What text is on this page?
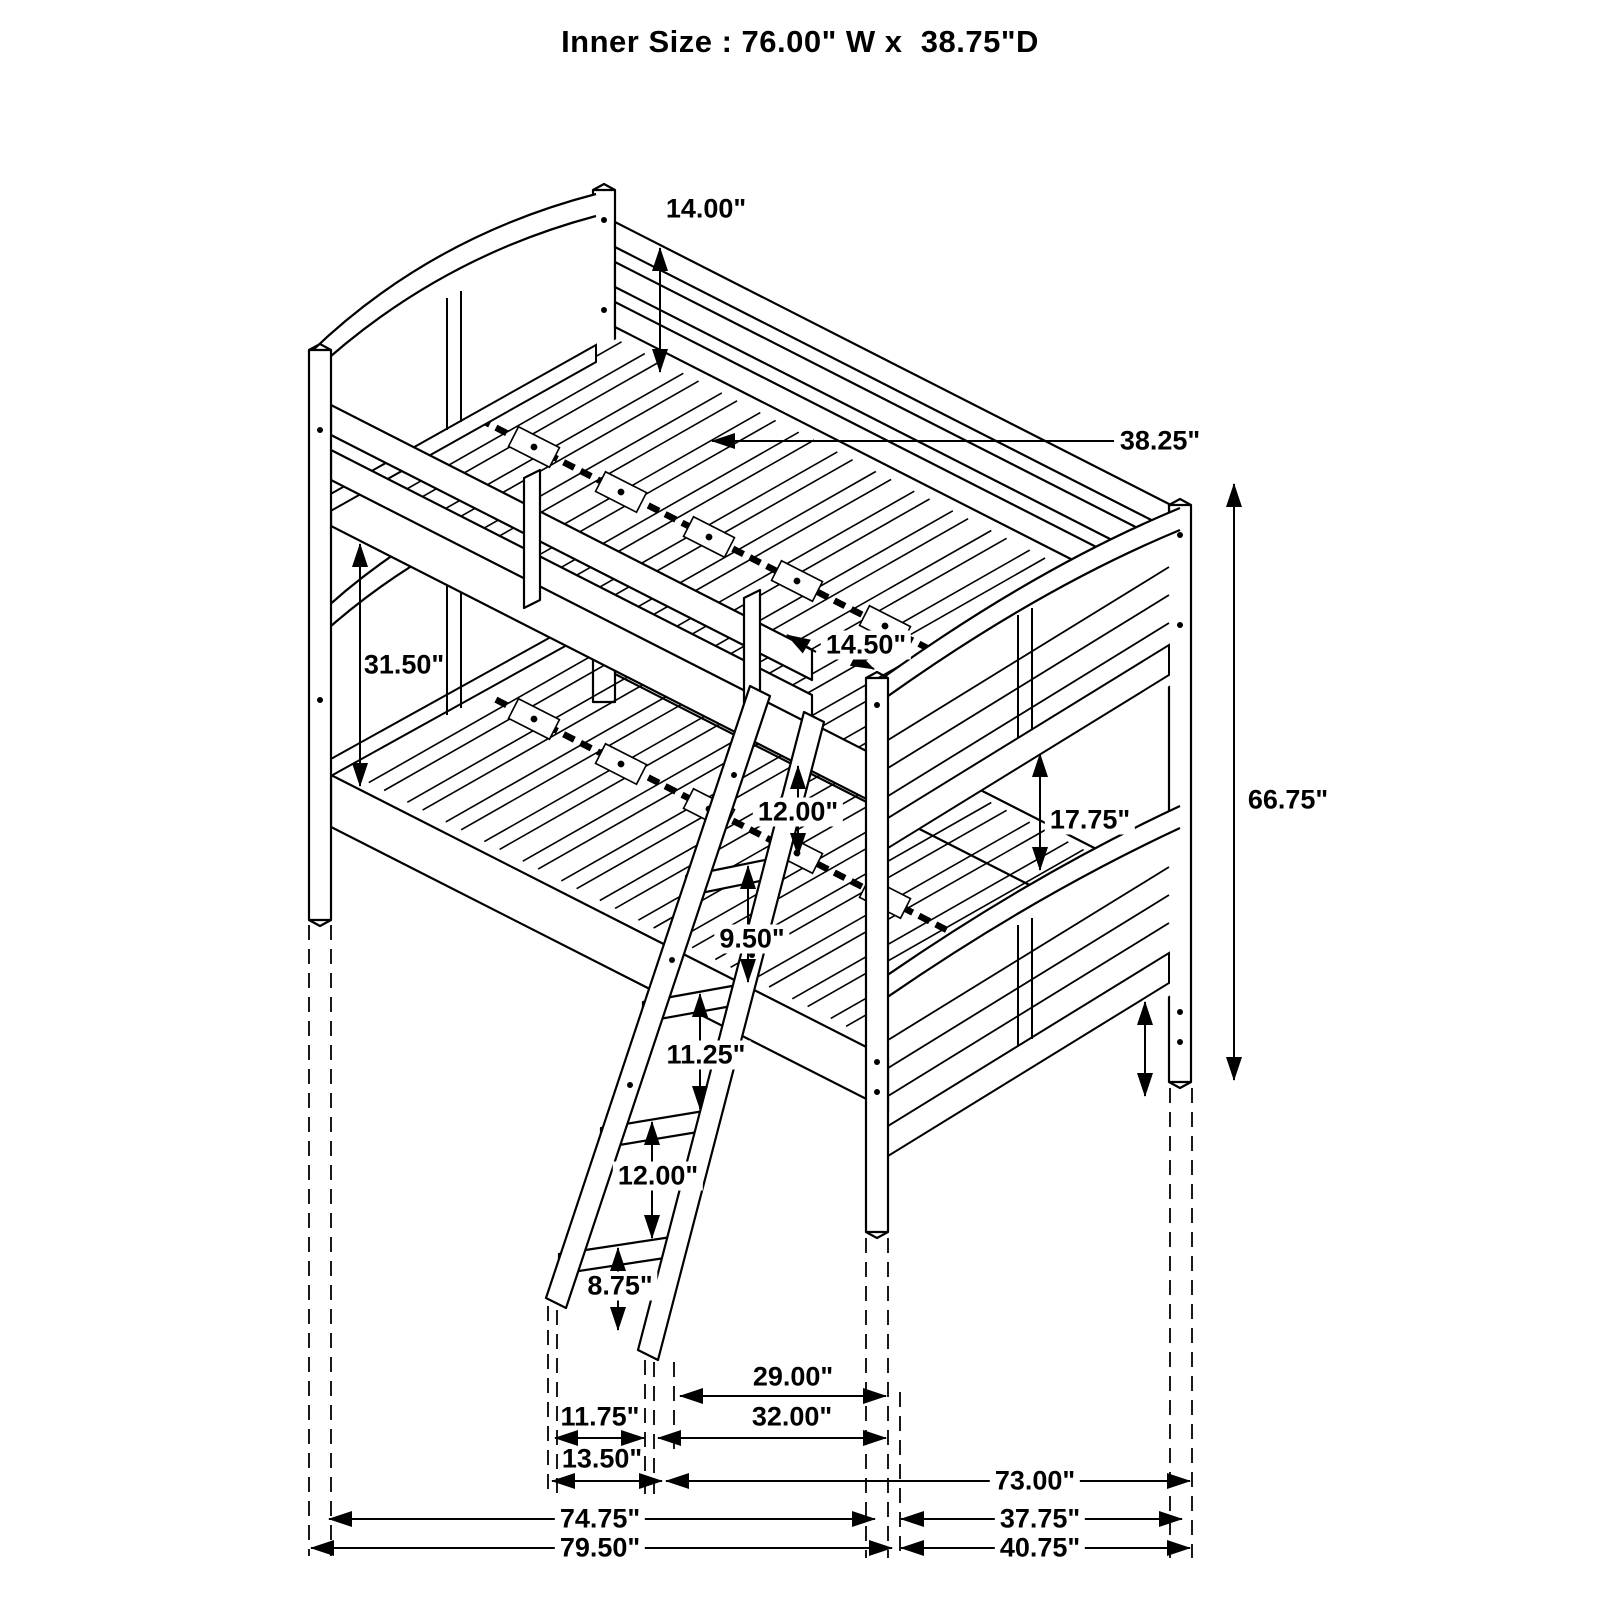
Inner Size : 76.00" W x  38.75"D
14.00"
38.25"
31.50"
14.50"
12.00"	17.75"
66.75"
9.50"
11.25"
12.00"
8.75"
29.00"
11.75"	32.00"
13.50"
73.00"
74.75"	37.75"
79.50"	40.75"
